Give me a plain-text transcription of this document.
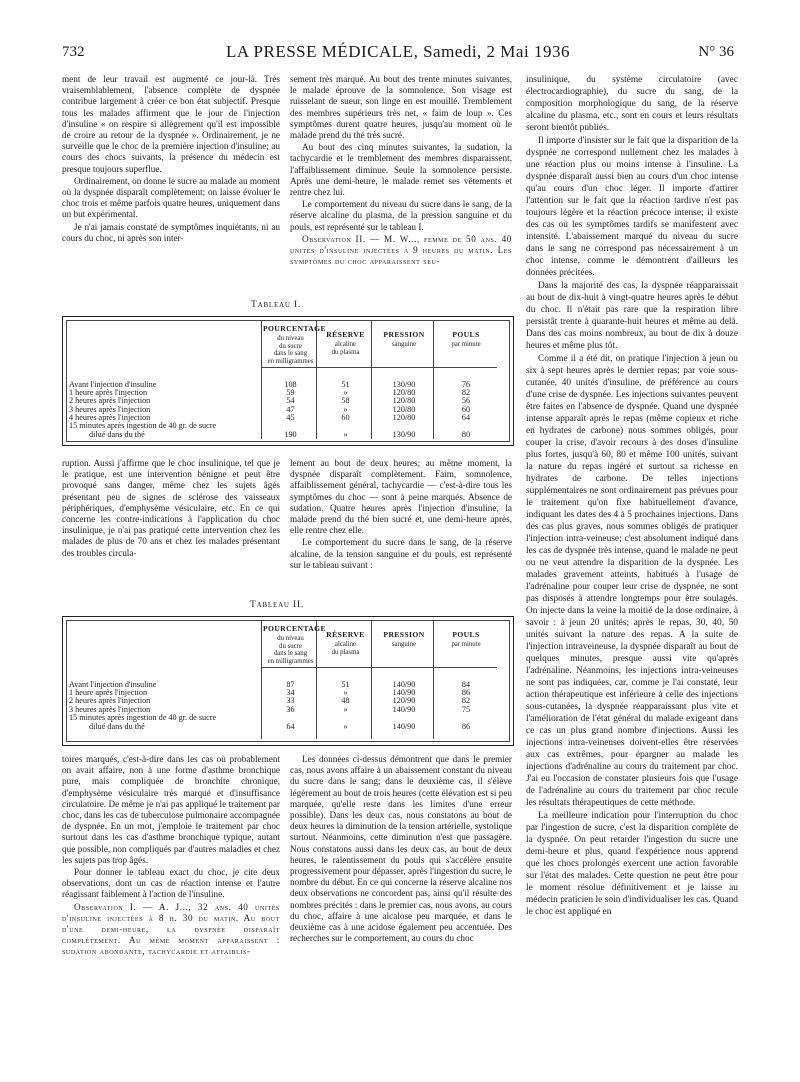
732	LA PRESSE MÉDICALE, Samedi, 2 Mai 1936	N° 36

ment de leur travail est augmenté ce jour-là. Très vraisemblablement, l'absence complète de dyspnée contribue largement à créer ce bon état subjectif. Presque tous les malades affirment que le jour de l'injection d'insuline « on respire si allègrement qu'il est impossible de croire au retour de la dyspnée ». Ordinairement, je ne surveille que le choc de la première injection d'insuline; au cours des chocs suivants, la présence du médecin est presque toujours superflue.

Ordinairement, on donne le sucre au malade au moment où la dyspnée disparaît complètement; on laisse évoluer le choc trois et même parfois quatre heures, uniquement dans un but expérimental.

Je n'ai jamais constaté de symptômes inquiétants, ni au cours du choc, ni après son inter-

sement très marqué. Au bout des trente minutes suivantes, le malade éprouve de la somnolence. Son visage est ruisselant de sueur, son linge en est mouillé. Tremblement des membres supérieurs très net, « faim de loup ». Ces symptômes durent quatre heures, jusqu'au moment où le malade prend du thé très sucré.

Au bout des cinq minutes suivantes, la sudation, la tachycardie et le tremblement des membres disparaissent, l'affaiblissement diminue. Seule la somnolence persiste. Après une demi-heure, le malade remet ses vêtements et rentre chez lui.

Le comportement du niveau du sucre dans le sang, de la réserve alcaline du plasma, de la pression sanguine et du pouls, est représenté sur le tableau I.

Observation II. — M. W..., femme de 50 ans. 40 unités d'insuline injectées à 9 heures du matin. Les symptômes du choc apparaissent seu-

Tableau I.
POURCENTAGE
du niveau
du sucre
dans le sang
en milligrammes
RÉSERVE
alcaline
du plasma
PRESSION
sanguine
POULS
par minute
Avant l'injection d'insuline	108	51	130/90	76
1 heure après l'injection	59	»	120/80	82
2 heures après l'injection	54	58	120/80	56
3 heures après l'injection	47	»	120/80	60
4 heures après l'injection	45	60	120/80	64
15 minutes après ingestion de 40 gr. de sucre
dilué dans du thé	190	»	130/90	80

ruption. Aussi j'affirme que le choc insulinique, tel que je le pratique, est une intervention bénigne et peut être provoqué sans danger, même chez les sujets âgés présentant peu de signes de sclérose des vaisseaux périphériques, d'emphysème vésiculaire, etc. En ce qui concerne les contre-indications à l'application du choc insulinique, je n'ai pas pratiqué cette intervention chez les malades de plus de 70 ans et chez les malades présentant des troubles circula-

lement au bout de deux heures; au même moment, la dyspnée disparaît complètement. Faim, somnolence, affaiblissement général, tachycardie — c'est-à-dire tous les symptômes du choc — sont à peine marqués. Absence de sudation. Quatre heures après l'injection d'insuline, la malade prend du thé bien sucré et, une demi-heure après, elle rentre chez elle.

Le comportement du sucre dans le sang, de la réserve alcaline, de la tension sanguine et du pouls, est représenté sur le tableau suivant :

Tableau II.
POURCENTAGE
du niveau
du sucre
dans le sang
en milligrammes
RÉSERVE
alcaline
du plasma
PRESSION
sanguine
POULS
par minute
Avant l'injection d'insuline	87	51	140/90	84
1 heure après l'injection	34	»	140/90	86
2 heures après l'injection	33	48	120/90	82
3 heures après l'injection	36	»	140/90	75
15 minutes après ingestion de 40 gr. de sucre
dilué dans du thé	64	»	140/90	86

toires marqués, c'est-à-dire dans les cas où probablement on avait affaire, non à une forme d'asthme bronchique pure, mais compliquée de bronchite chronique, d'emphysème vésiculaire très marqué et d'insuffisance circulatoire. De même je n'ai pas appliqué le traitement par choc, dans les cas de tuberculose pulmonaire accompagnée de dyspnée. En un mot, j'emploie le traitement par choc surtout dans les cas d'asthme bronchique typique, autant que possible, non compliqués par d'autres maladies et chez les sujets pas trop âgés.

Pour donner le tableau exact du choc, je cite deux observations, dont un cas de réaction intense et l'autre réagissant faiblement à l'action de l'insuline.

Observation I. — A. J..., 32 ans. 40 unités d'insuline injectées à 8 h. 30 du matin. Au bout d'une demi-heure, la dyspnée disparaît complètement. Au même moment apparaissent : sudation abondante, tachycardie et affaiblis-

Les données ci-dessus démontrent que dans le premier cas, nous avons affaire à un abaissement constant du niveau du sucre dans le sang; dans le deuxième cas, il s'élève légèrement au bout de trois heures (cette élévation est si peu marquée, qu'elle reste dans les limites d'une erreur possible). Dans les deux cas, nous constatons au bout de deux heures la diminution de la tension artérielle, systolique surtout. Néanmoins, cette diminution n'est que passagère. Nous constatons aussi dans les deux cas, au bout de deux heures, le ralentissement du pouls qui s'accélère ensuite progressivement pour dépasser, après l'ingestion du sucre, le nombre du début. En ce qui concerne la réserve alcaline nos deux observations ne concordent pas, ainsi qu'il résulte des nombres précités : dans le premier cas, nous avons, au cours du choc, affaire à une alcalose peu marquée, et dans le deuxième cas à une acidose également peu accentuée. Des recherches sur le comportement, au cours du choc

insulinique, du système circulatoire (avec électrocardiographie), du sucre du sang, de la composition morphologique du sang, de la réserve alcaline du plasma, etc., sont en cours et leurs résultats seront bientôt publiés.

Il importe d'insister sur le fait que la disparition de la dyspnée ne correspond nullement chez les malades à une réaction plus ou moins intense à l'insuline. La dyspnée disparaît aussi bien au cours d'un choc intense qu'au cours d'un choc léger. Il importe d'attirer l'attention sur le fait que la réaction tardive n'est pas toujours légère et la réaction précoce intense; il existe des cas où les symptômes tardifs se manifestent avec intensité. L'abaissement marqué du niveau du sucre dans le sang ne correspond pas nécessairement à un choc intense, comme le démontrent d'ailleurs les données précitées.

Dans la majorité des cas, la dyspnée réapparaissait au bout de dix-huit à vingt-quatre heures après le début du choc. Il n'était pas rare que la respiration libre persistât trente à quarante-huit heures et même au delà. Dans des cas moins nombreux, au bout de dix à douze heures et même plus tôt.

Comme il a été dit, on pratique l'injection à jeun ou six à sept heures après le dernier repas; par voie sous-cutanée, 40 unités d'insuline, de préférence au cours d'une crise de dyspnée. Les injections suivantes peuvent être faites en l'absence de dyspnée. Quand une dyspnée intense apparaît après le repas (même copieux et riche en hydrates de carbone) nous sommes obligés, pour couper la crise, d'avoir recours à des doses d'insuline plus fortes, jusqu'à 60, 80 et même 100 unités, suivant la nature du repas ingéré et surtout sa richesse en hydrates de carbone. De telles injections supplémentaires ne sont ordinairement pas prévues pour le traitement qu'on fixe habituellement d'avance, indiquant les dates des 4 à 5 prochaines injections. Dans des cas plus graves, nous sommes obligés de pratiquer l'injection intra-veineuse; c'est absolument indiqué dans les cas de dyspnée très intense, quand le malade ne peut ou ne veut attendre la disparition de la dyspnée. Les malades gravement atteints, habitués à l'usage de l'adrénaline pour couper leur crise de dyspnée, ne sont pas disposés à attendre longtemps pour être soulagés. On injecte dans la veine la moitié de la dose ordinaire, à savoir : à jeun 20 unités; après le repas, 30, 40, 50 unités suivant la nature des repas. A la suite de l'injection intraveineuse, la dyspnée disparaît au bout de quelques minutes, presque aussi vite qu'après l'adrénaline. Néanmoins, les injections intra-veineuses ne sont pas indiquées, car, comme je l'ai constaté, leur action thérapeutique est inférieure à celle des injections sous-cutanées, la dyspnée réapparaissant plus vite et l'amélioration de l'état général du malade exigeant dans ce cas un plus grand nombre d'injections. Aussi les injections intra-veineuses doivent-elles être réservées aux cas extrêmes, pour épargner au malade les injections d'adrénaline au cours du traitement par choc. J'ai eu l'occasion de constater plusieurs fois que l'usage de l'adrénaline au cours du traitement par choc recule les résultats thérapeutiques de cette méthode.

La meilleure indication pour l'interruption du choc par l'ingestion de sucre, c'est la disparition complète de la dyspnée. On peut retarder l'ingestion du sucre une demi-heure et plus, quand l'expérience nous apprend que les chocs prolongés exercent une action favorable sur l'état des malades. Cette question ne peut être pour le moment résolue définitivement et je laisse au médecin praticien le soin d'individualiser les cas. Quand le choc est appliqué en
